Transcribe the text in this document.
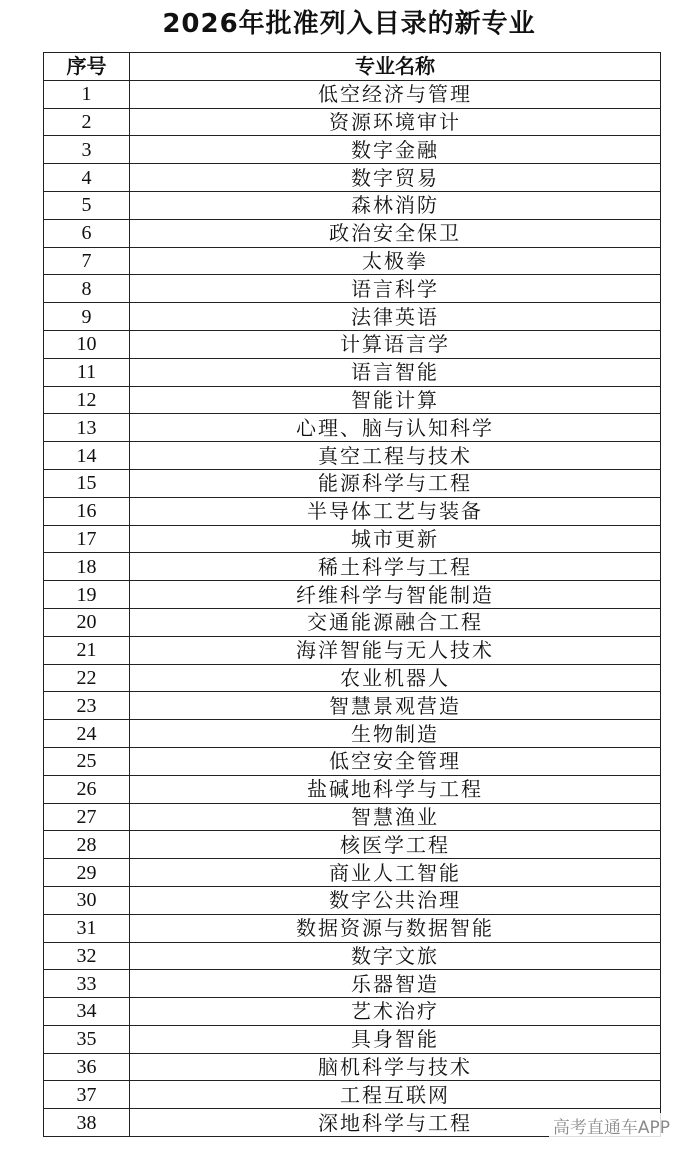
2026年批准列入目录的新专业
序号	专业名称
1	低空经济与管理
2	资源环境审计
3	数字金融
4	数字贸易
5	森林消防
6	政治安全保卫
7	太极拳
8	语言科学
9	法律英语
10	计算语言学
11	语言智能
12	智能计算
13	心理、脑与认知科学
14	真空工程与技术
15	能源科学与工程
16	半导体工艺与装备
17	城市更新
18	稀土科学与工程
19	纤维科学与智能制造
20	交通能源融合工程
21	海洋智能与无人技术
22	农业机器人
23	智慧景观营造
24	生物制造
25	低空安全管理
26	盐碱地科学与工程
27	智慧渔业
28	核医学工程
29	商业人工智能
30	数字公共治理
31	数据资源与数据智能
32	数字文旅
33	乐器智造
34	艺术治疗
35	具身智能
36	脑机科学与技术
37	工程互联网
38	深地科学与工程	高考直通车APP
